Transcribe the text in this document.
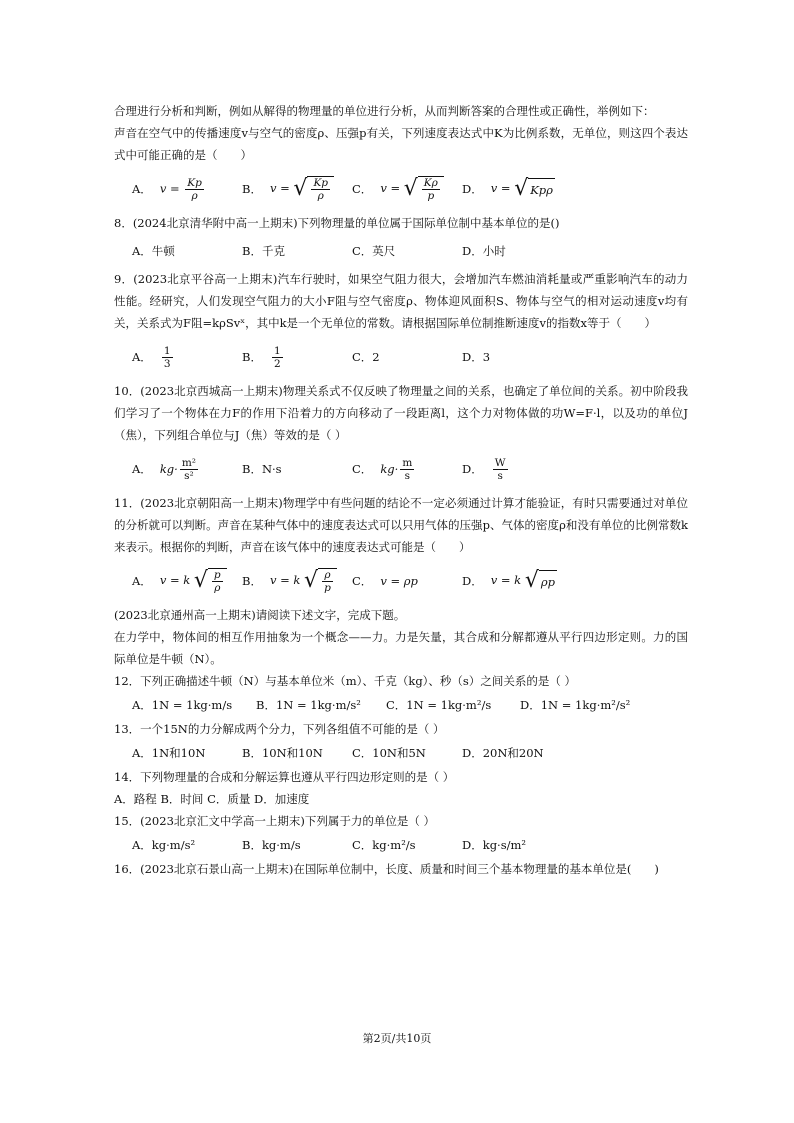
合理进行分析和判断，例如从解得的物理量的单位进行分析，从而判断答案的合理性或正确性，举例如下：

声音在空气中的传播速度v与空气的密度ρ、压强p有关，下列速度表达式中K为比例系数，无单位，则这四个表达式中可能正确的是（　　）

A． $v = \frac{Kp}{\rho}$	B． v = √ $\frac{Kp}{\rho}$ C． v = √ $\frac{K\rho}{p}$ D． v = √ Kpρ

8．(2024北京清华附中高一上期末)下列物理量的单位属于国际单位制中基本单位的是()

A．牛顿	B．千克	C．英尺	D．小时

9．(2023北京平谷高一上期末)汽车行驶时，如果空气阻力很大，会增加汽车燃油消耗量或严重影响汽车的动力性能。经研究，人们发现空气阻力的大小F阻与空气密度ρ、物体迎风面积S、物体与空气的相对运动速度v均有关，关系式为F阻=kρSvˣ，其中k是一个无单位的常数。请根据国际单位制推断速度v的指数x等于（　　）

A． $\frac{1}{3}$	B． $\frac{1}{2}$	C．2	D．3

10．(2023北京西城高一上期末)物理关系式不仅反映了物理量之间的关系，也确定了单位间的关系。初中阶段我们学习了一个物体在力F的作用下沿着力的方向移动了一段距离l，这个力对物体做的功W=F·l，以及功的单位J（焦），下列组合单位与J（焦）等效的是（ ）

A． $kg\cdot \frac{\text{m²}}{\text{s²}}$	B．N·s	C． $kg\cdot \frac{m}{s}$	D． $\frac{W}{s}$

11．(2023北京朝阳高一上期末)物理学中有些问题的结论不一定必须通过计算才能验证，有时只需要通过对单位的分析就可以判断。声音在某种气体中的速度表达式可以只用气体的压强p、气体的密度ρ和没有单位的比例常数k来表示。根据你的判断，声音在该气体中的速度表达式可能是（　　）

A． v = k √ $\frac{p}{\rho}$ B． v = k √ $\frac{\rho}{p}$ C． v = ρp	D． v = k √ ρp

(2023北京通州高一上期末)请阅读下述文字，完成下题。

在力学中，物体间的相互作用抽象为一个概念——力。力是矢量，其合成和分解都遵从平行四边形定则。力的国际单位是牛顿（N）。

12．下列正确描述牛顿（N）与基本单位米（m）、千克（kg）、秒（s）之间关系的是（ ）

A．1N = 1kg·m/s	B．1N = 1kg·m/s²	C．1N = 1kg·m²/s	D．1N = 1kg·m²/s²

13．一个15N的力分解成两个分力，下列各组值不可能的是（ ）

A．1N和10N	B．10N和10N	C．10N和5N	D．20N和20N

14．下列物理量的合成和分解运算也遵从平行四边形定则的是（ ）

A．路程 B．时间 C．质量 D．加速度

15．(2023北京汇文中学高一上期末)下列属于力的单位是（ ）

A．kg·m/s²	B．kg·m/s	C．kg·m²/s	D．kg·s/m²

16．(2023北京石景山高一上期末)在国际单位制中，长度、质量和时间三个基本物理量的基本单位是(　　)

第2页/共10页
